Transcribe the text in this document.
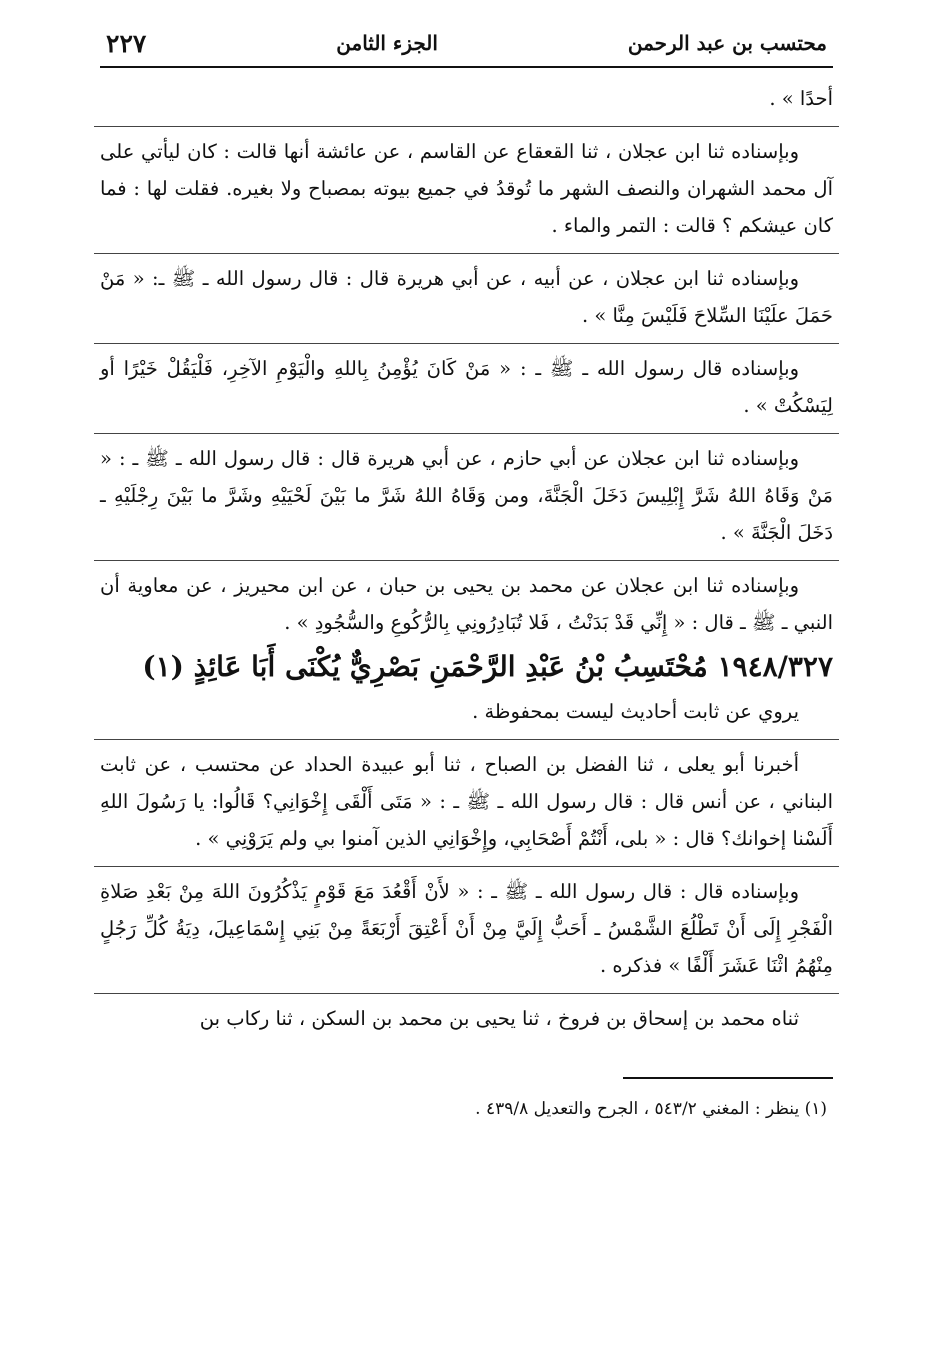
محتسب بن عبد الرحمن
الجزء الثامن
٢٢٧

أحدًا » .

وبإسناده ثنا ابن عجلان ، ثنا القعقاع عن القاسم ، عن عائشة أنها قالت : كان ليأتي على آل محمد الشهران والنصف الشهر ما تُوقدُ في جميع بيوته بمصباح ولا بغيره. فقلت لها : فما كان عيشكم ؟ قالت : التمر والماء .

وبإسناده ثنا ابن عجلان ، عن أبيه ، عن أبي هريرة قال : قال رسول الله ـ ﷺ ـ: « مَنْ حَمَلَ علَيْنَا السِّلاحَ فَلَيْسَ مِنَّا » .

وبإسناده قال رسول الله ـ ﷺ ـ : « مَنْ كَانَ يُؤْمِنُ بِاللهِ والْيَوْمِ الآخِرِ، فَلْيَقُلْ خَيْرًا أو لِيَسْكُتْ » .

وبإسناده ثنا ابن عجلان عن أبي حازم ، عن أبي هريرة قال : قال رسول الله ـ ﷺ ـ : « مَنْ وَقَاهُ اللهُ شَرَّ إِبْلِيسَ دَخَلَ الْجَنَّةَ، ومن وَقَاهُ اللهُ شَرَّ ما بَيْنَ لَحْيَيْهِ وشَرَّ ما بَيْنَ رِجْلَيْهِ ـ دَخَلَ الْجَنَّةَ » .

وبإسناده ثنا ابن عجلان عن محمد بن يحيى بن حبان ، عن ابن محيريز ، عن معاوية أن النبي ـ ﷺ ـ قال : « إِنِّي قَدْ بَدَنْتُ ، فَلا تُبَادِرُونِي بِالرُّكُوعِ والسُّجُودِ » .

١٩٤٨/٣٢٧ مُحْتَسِبُ بْنُ عَبْدِ الرَّحْمَنِ بَصْرِيٌّ يُكْنَى أَبَا عَائِذٍ (١)

يروي عن ثابت أحاديث ليست بمحفوظة .

أخبرنا أبو يعلى ، ثنا الفضل بن الصباح ، ثنا أبو عبيدة الحداد عن محتسب ، عن ثابت البناني ، عن أنس قال : قال رسول الله ـ ﷺ ـ : « مَتَى أَلْقَى إِخْوَانِي؟ قَالُوا: يا رَسُولَ اللهِ أَلَسْنا إخوانك؟ قال : « بلى، أَنْتُمْ أَصْحَابِي، وإِخْوَانِي الذين آمنوا بي ولم يَرَوْنِي » .

وبإسناده قال : قال رسول الله ـ ﷺ ـ : « لأَنْ أَقْعُدَ مَعَ قَوْمٍ يَذْكُرُونَ اللهَ مِنْ بَعْدِ صَلاةِ الْفَجْرِ إِلَى أَنْ تَطْلُعَ الشَّمْسُ ـ أَحَبُّ إِلَيَّ مِنْ أَنْ أَعْتِقَ أَرْبَعَةً مِنْ بَنِي إِسْمَاعِيلَ، دِيَةُ كُلِّ رَجُلٍ مِنْهُمُ اثْنَا عَشَرَ أَلْفًا » فذكره .

ثناه محمد بن إسحاق بن فروخ ، ثنا يحيى بن محمد بن السكن ، ثنا ركاب بن

(١) ينظر : المغني ٥٤٣/٢ ، الجرح والتعديل ٤٣٩/٨ .
